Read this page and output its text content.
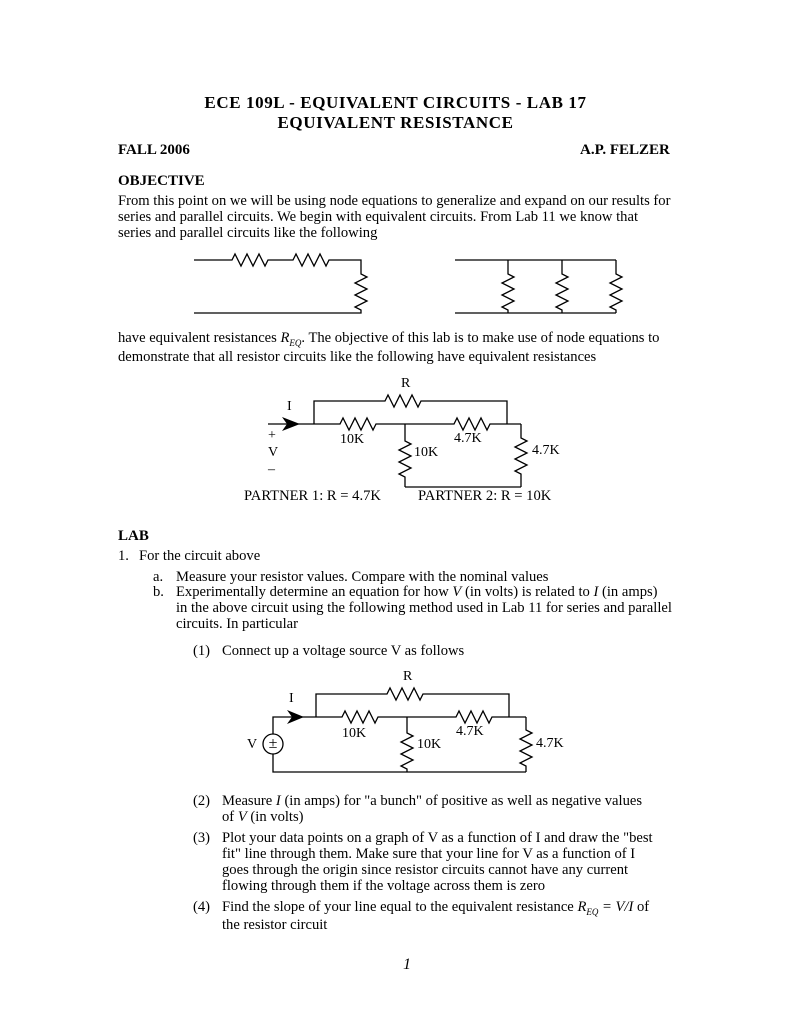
ECE 109L - EQUIVALENT CIRCUITS - LAB 17
EQUIVALENT RESISTANCE
FALL 2006	A.P. FELZER
OBJECTIVE
From this point on we will be using node equations to generalize and expand on our results for
series and parallel circuits. We begin with equivalent circuits. From Lab 11 we know that
series and parallel circuits like the following
have equivalent resistances $R_{EQ}$. The objective of this lab is to make use of node equations to
demonstrate that all resistor circuits like the following have equivalent resistances
R
I
+
V
–
10K
10K
4.7K
4.7K
PARTNER 1: R = 4.7K	PARTNER 2: R = 10K
LAB
1. For the circuit above
a. Measure your resistor values. Compare with the nominal values
b. Experimentally determine an equation for how V (in volts) is related to I (in amps)
in the above circuit using the following method used in Lab 11 for series and parallel
circuits. In particular
(1) Connect up a voltage source V as follows
±
R
I
V
10K
10K
4.7K
4.7K
(2) Measure I (in amps) for "a bunch" of positive as well as negative values
of V (in volts)
(3) Plot your data points on a graph of V as a function of I and draw the "best
fit" line through them. Make sure that your line for V as a function of I
goes through the origin since resistor circuits cannot have any current
flowing through them if the voltage across them is zero
(4) Find the slope of your line equal to the equivalent resistance $R_{EQ} = V/I$ of
the resistor circuit
1
